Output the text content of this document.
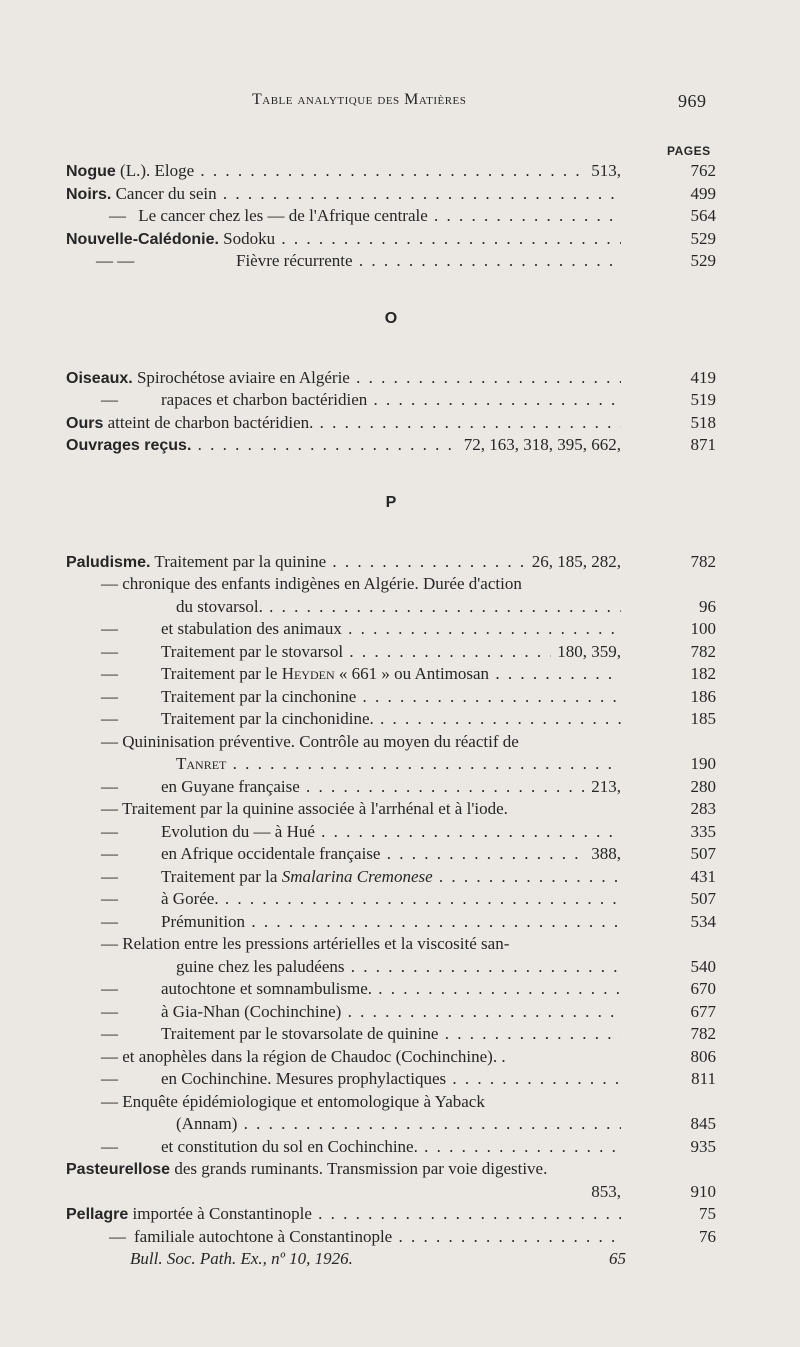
Table analytique des Matières	969
PAGES
Nogue (L.). Eloge . . .	513,	762
Noirs. Cancer du sein . . .	499
— Le cancer chez les — de l'Afrique centrale . . .	564
Nouvelle-Calédonie. Sodoku . . .	529
— —	Fièvre récurrente . . .	529
O
Oiseaux. Spirochétose aviaire en Algérie . . .	419
—	rapaces et charbon bactéridien . . .	519
Ours atteint de charbon bactéridien. . . .	518
Ouvrages reçus. . . .	72, 163, 318, 395, 662,	871
P
Paludisme. Traitement par la quinine . . .	26, 185, 282,	782
— chronique des enfants indigènes en Algérie. Durée d'action
du stovarsol. . . .	96
—	et stabulation des animaux . . .	100
—	Traitement par le stovarsol . . .	180, 359,	782
—	Traitement par le Heyden « 661 » ou Antimosan . . .	182
—	Traitement par la cinchonine . . .	186
—	Traitement par la cinchonidine. . . .	185
— Quininisation préventive. Contrôle au moyen du réactif de
Tanret . . .	190
—	en Guyane française . . .	213,	280
— Traitement par la quinine associée à l'arrhénal et à l'iode.	283
—	Evolution du — à Hué . . .	335
—	en Afrique occidentale française . . .	388,	507
—	Traitement par la Smalarina Cremonese . . .	431
—	à Gorée. . . .	507
—	Prémunition . . .	534
— Relation entre les pressions artérielles et la viscosité san-
guine chez les paludéens . . .	540
—	autochtone et somnambulisme. . . .	670
—	à Gia-Nhan (Cochinchine) . . .	677
—	Traitement par le stovarsolate de quinine . . .	782
— et anophèles dans la région de Chaudoc (Cochinchine). .	806
—	en Cochinchine. Mesures prophylactiques . . .	811
— Enquête épidémiologique et entomologique à Yaback
(Annam) . . .	845
—	et constitution du sol en Cochinchine. . . .	935
Pasteurellose des grands ruminants. Transmission par voie digestive.
853,	910
Pellagre importée à Constantinople . . .	75
— familiale autochtone à Constantinople . . .	76
Bull. Soc. Path. Ex., nº 10, 1926.	65
